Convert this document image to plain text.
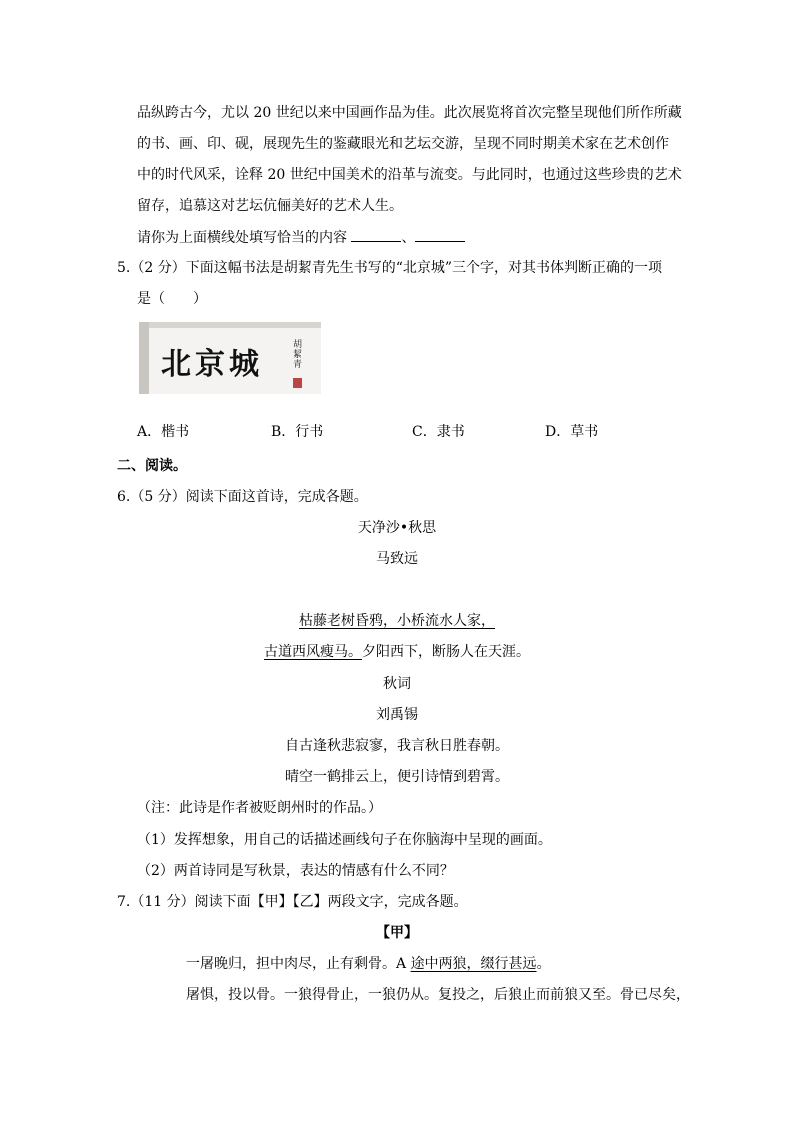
品纵跨古今，尤以 20 世纪以来中国画作品为佳。此次展览将首次完整呈现他们所作所藏
的书、画、印、砚，展现先生的鉴藏眼光和艺坛交游，呈现不同时期美术家在艺术创作
中的时代风采，诠释 20 世纪中国美术的沿革与流变。与此同时，也通过这些珍贵的艺术
留存，追慕这对艺坛伉俪美好的艺术人生。
请你为上面横线处填写恰当的内容	、
5.（2 分）下面这幅书法是胡絜青先生书写的“北京城”三个字，对其书体判断正确的一项
是（　　）
北京城
胡絜青
A．楷书	B．行书	C．隶书	D．草书
二、阅读。
6.（5 分）阅读下面这首诗，完成各题。
天净沙•秋思
马致远
枯藤老树昏鸦，小桥流水人家，
古道西风瘦马。夕阳西下，断肠人在天涯。
秋词
刘禹锡
自古逢秋悲寂寥，我言秋日胜春朝。
晴空一鹤排云上，便引诗情到碧霄。
（注：此诗是作者被贬朗州时的作品。）
（1）发挥想象，用自己的话描述画线句子在你脑海中呈现的画面。
（2）两首诗同是写秋景，表达的情感有什么不同？
7.（11 分）阅读下面【甲】【乙】两段文字，完成各题。
【甲】
一屠晚归，担中肉尽，止有剩骨。A 途中两狼，缀行甚远。
屠惧，投以骨。一狼得骨止，一狼仍从。复投之，后狼止而前狼又至。骨已尽矣，
